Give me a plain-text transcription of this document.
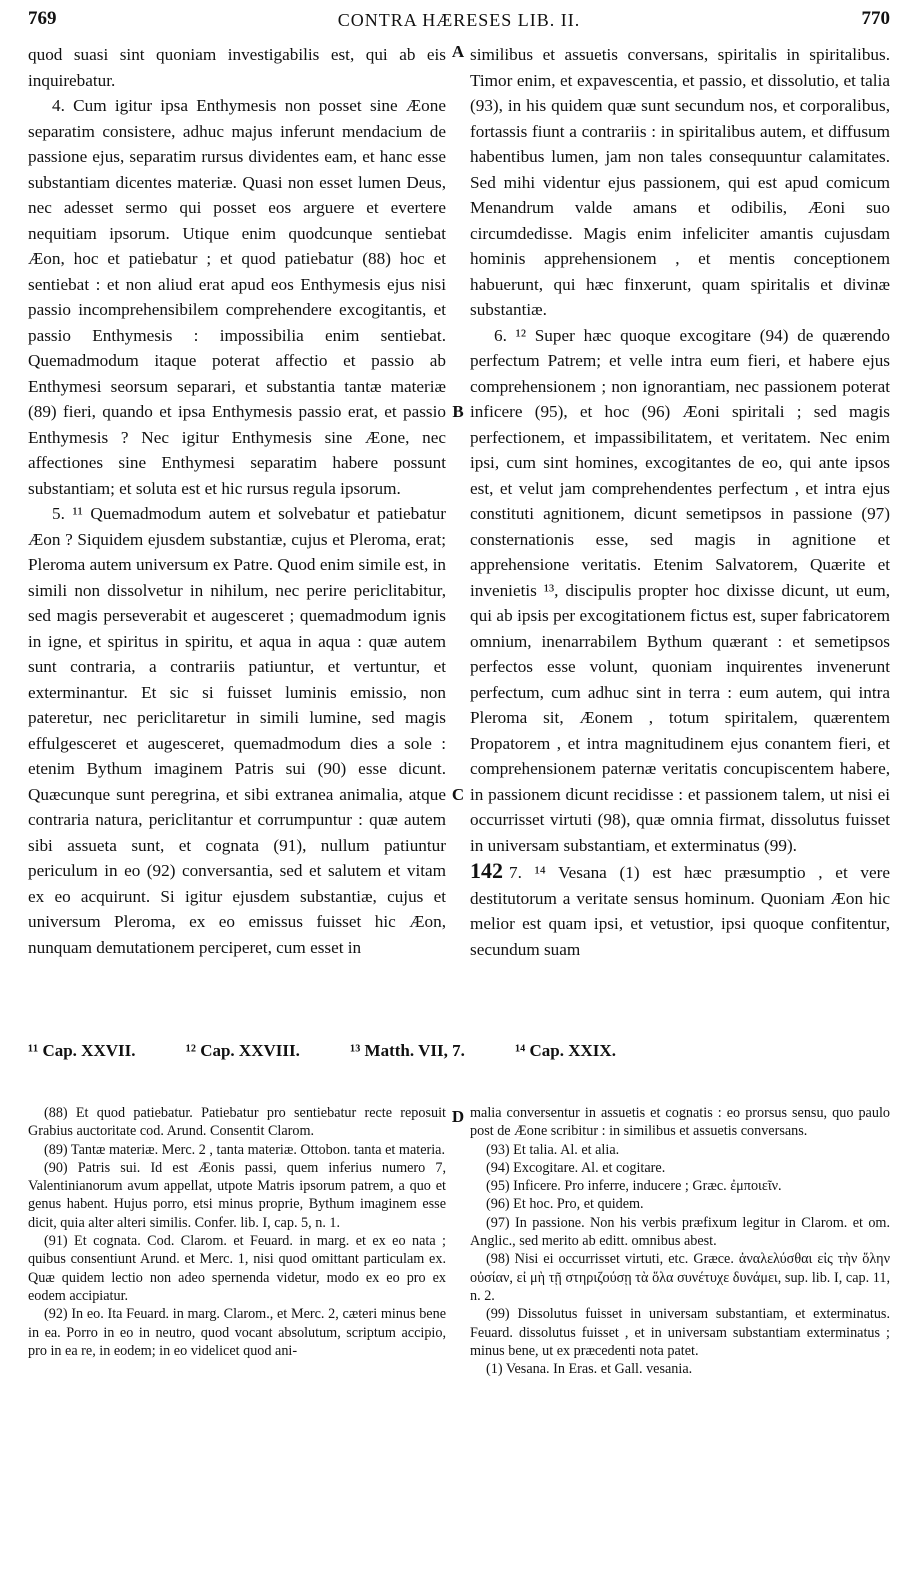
769	CONTRA HÆRESES LIB. II.	770

quod suasi sint quoniam investigabilis est, qui ab eis inquirebatur.

4. Cum igitur ipsa Enthymesis non posset sine Æone separatim consistere, adhuc majus inferunt mendacium de passione ejus, separatim rursus dividentes eam, et hanc esse substantiam dicentes materiæ. Quasi non esset lumen Deus, nec adesset sermo qui posset eos arguere et evertere nequitiam ipsorum. Utique enim quodcunque sentiebat Æon, hoc et patiebatur ; et quod patiebatur (88) hoc et sentiebat : et non aliud erat apud eos Enthymesis ejus nisi passio incomprehensibilem comprehendere excogitantis, et passio Enthymesis : impossibilia enim sentiebat. Quemadmodum itaque poterat affectio et passio ab Enthymesi seorsum separari, et substantia tantæ materiæ (89) fieri, quando et ipsa Enthymesis passio erat, et passio Enthymesis ? Nec igitur Enthymesis sine Æone, nec affectiones sine Enthymesi separatim habere possunt substantiam; et soluta est et hic rursus regula ipsorum.

5. ¹¹ Quemadmodum autem et solvebatur et patiebatur Æon ? Siquidem ejusdem substantiæ, cujus et Pleroma, erat; Pleroma autem universum ex Patre. Quod enim simile est, in simili non dissolvetur in nihilum, nec perire periclitabitur, sed magis perseverabit et augesceret ; quemadmodum ignis in igne, et spiritus in spiritu, et aqua in aqua : quæ autem sunt contraria, a contrariis patiuntur, et vertuntur, et exterminantur. Et sic si fuisset luminis emissio, non pateretur, nec periclitaretur in simili lumine, sed magis effulgesceret et augesceret, quemadmodum dies a sole : etenim Bythum imaginem Patris sui (90) esse dicunt. Quæcunque sunt peregrina, et sibi extranea animalia, atque contraria natura, periclitantur et corrumpuntur : quæ autem sibi assueta sunt, et cognata (91), nullum patiuntur periculum in eo (92) conversantia, sed et salutem et vitam ex eo acquirunt. Si igitur ejusdem substantiæ, cujus et universum Pleroma, ex eo emissus fuisset hic Æon, nunquam demutationem perciperet, cum esset in

A
B
C
D

similibus et assuetis conversans, spiritalis in spiritalibus. Timor enim, et expavescentia, et passio, et dissolutio, et talia (93), in his quidem quæ sunt secundum nos, et corporalibus, fortassis fiunt a contrariis : in spiritalibus autem, et diffusum habentibus lumen, jam non tales consequuntur calamitates. Sed mihi videntur ejus passionem, qui est apud comicum Menandrum valde amans et odibilis, Æoni suo circumdedisse. Magis enim infeliciter amantis cujusdam hominis apprehensionem , et mentis conceptionem habuerunt, qui hæc finxerunt, quam spiritalis et divinæ substantiæ.

6. ¹² Super hæc quoque excogitare (94) de quærendo perfectum Patrem; et velle intra eum fieri, et habere ejus comprehensionem ; non ignorantiam, nec passionem poterat inficere (95), et hoc (96) Æoni spiritali ; sed magis perfectionem, et impassibilitatem, et veritatem. Nec enim ipsi, cum sint homines, excogitantes de eo, qui ante ipsos est, et velut jam comprehendentes perfectum , et intra ejus constituti agnitionem, dicunt semetipsos in passione (97) consternationis esse, sed magis in agnitione et apprehensione veritatis. Etenim Salvatorem, Quærite et invenietis ¹³, discipulis propter hoc dixisse dicunt, ut eum, qui ab ipsis per excogitationem fictus est, super fabricatorem omnium, inenarrabilem Bythum quærant : et semetipsos perfectos esse volunt, quoniam inquirentes invenerunt perfectum, cum adhuc sint in terra : eum autem, qui intra Pleroma sit, Æonem , totum spiritalem, quærentem Propatorem , et intra magnitudinem ejus conantem fieri, et comprehensionem paternæ veritatis concupiscentem habere, in passionem dicunt recidisse : et passionem talem, ut nisi ei occurrisset virtuti (98), quæ omnia firmat, dissolutus fuisset in universam substantiam, et exterminatus (99).

142 7. ¹⁴ Vesana (1) est hæc præsumptio , et vere destitutorum a veritate sensus hominum. Quoniam Æon hic melior est quam ipsi, et vetustior, ipsi quoque confitentur, secundum suam

¹¹ Cap. XXVII.	¹² Cap. XXVIII.	¹³ Matth. VII, 7.	¹⁴ Cap. XXIX.

(88) Et quod patiebatur. Patiebatur pro sentiebatur recte reposuit Grabius auctoritate cod. Arund. Consentit Clarom.

(89) Tantæ materiæ. Merc. 2 , tanta materiæ. Ottobon. tanta et materia.

(90) Patris sui. Id est Æonis passi, quem inferius numero 7, Valentinianorum avum appellat, utpote Matris ipsorum patrem, a quo et genus habent. Hujus porro, etsi minus proprie, Bythum imaginem esse dicit, quia alter alteri similis. Confer. lib. I, cap. 5, n. 1.

(91) Et cognata. Cod. Clarom. et Feuard. in marg. et ex eo nata ; quibus consentiunt Arund. et Merc. 1, nisi quod omittant particulam ex. Quæ quidem lectio non adeo spernenda videtur, modo ex eo pro ex eodem accipiatur.

(92) In eo. Ita Feuard. in marg. Clarom., et Merc. 2, cæteri minus bene in ea. Porro in eo in neutro, quod vocant absolutum, scriptum accipio, pro in ea re, in eodem; in eo videlicet quod ani-

malia conversentur in assuetis et cognatis : eo prorsus sensu, quo paulo post de Æone scribitur : in similibus et assuetis conversans.

(93) Et talia. Al. et alia.

(94) Excogitare. Al. et cogitare.

(95) Inficere. Pro inferre, inducere ; Græc. ἐμποιεῖν.

(96) Et hoc. Pro, et quidem.

(97) In passione. Non his verbis præfixum legitur in Clarom. et om. Anglic., sed merito ab editt. omnibus abest.

(98) Nisi ei occurrisset virtuti, etc. Græce. ἀναλελύσθαι εἰς τὴν ὅλην οὐσίαν, εἰ μὴ τῇ στηριζούσῃ τὰ ὅλα συνέτυχε δυνάμει, sup. lib. I, cap. 11, n. 2.

(99) Dissolutus fuisset in universam substantiam, et exterminatus. Feuard. dissolutus fuisset , et in universam substantiam exterminatus ; minus bene, ut ex præcedenti nota patet.

(1) Vesana. In Eras. et Gall. vesania.
